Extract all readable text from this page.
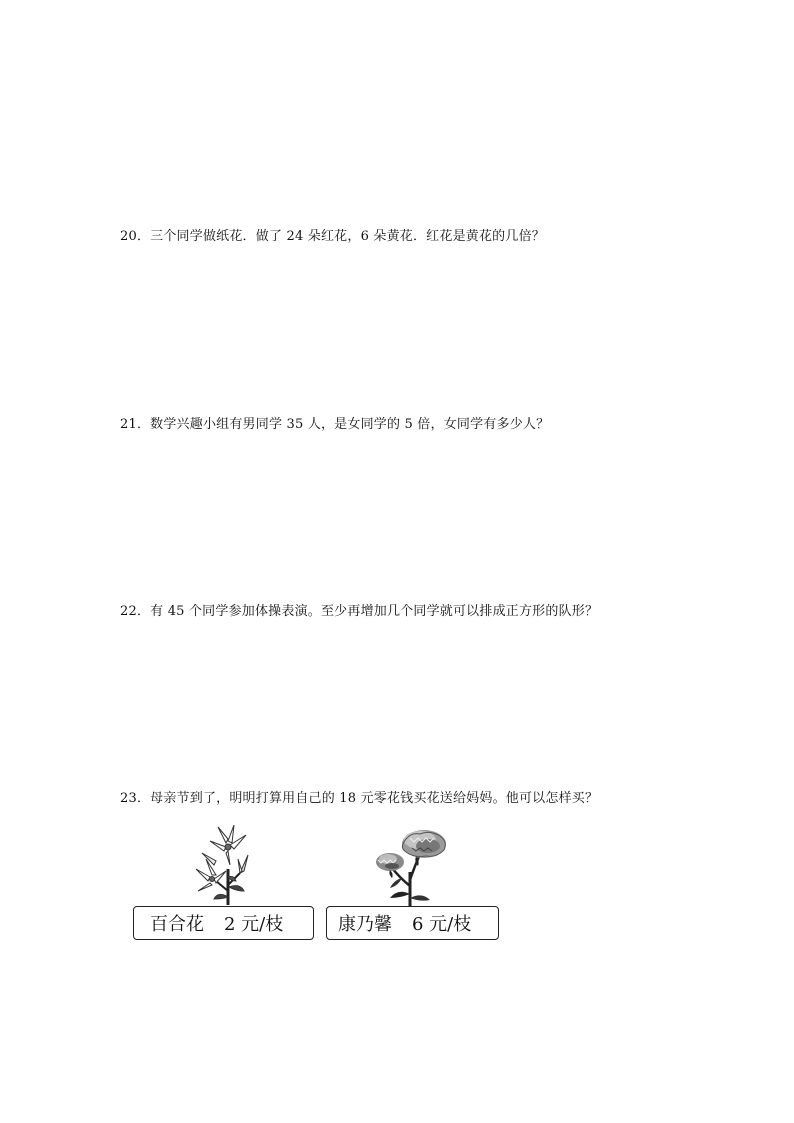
20．三个同学做纸花．做了 24 朵红花，6 朵黄花．红花是黄花的几倍？
21．数学兴趣小组有男同学 35 人，是女同学的 5 倍，女同学有多少人？
22．有 45 个同学参加体操表演。至少再增加几个同学就可以排成正方形的队形？
23．母亲节到了，明明打算用自己的 18 元零花钱买花送给妈妈。他可以怎样买？
百合花 2 元/枝	康乃馨 6 元/枝
